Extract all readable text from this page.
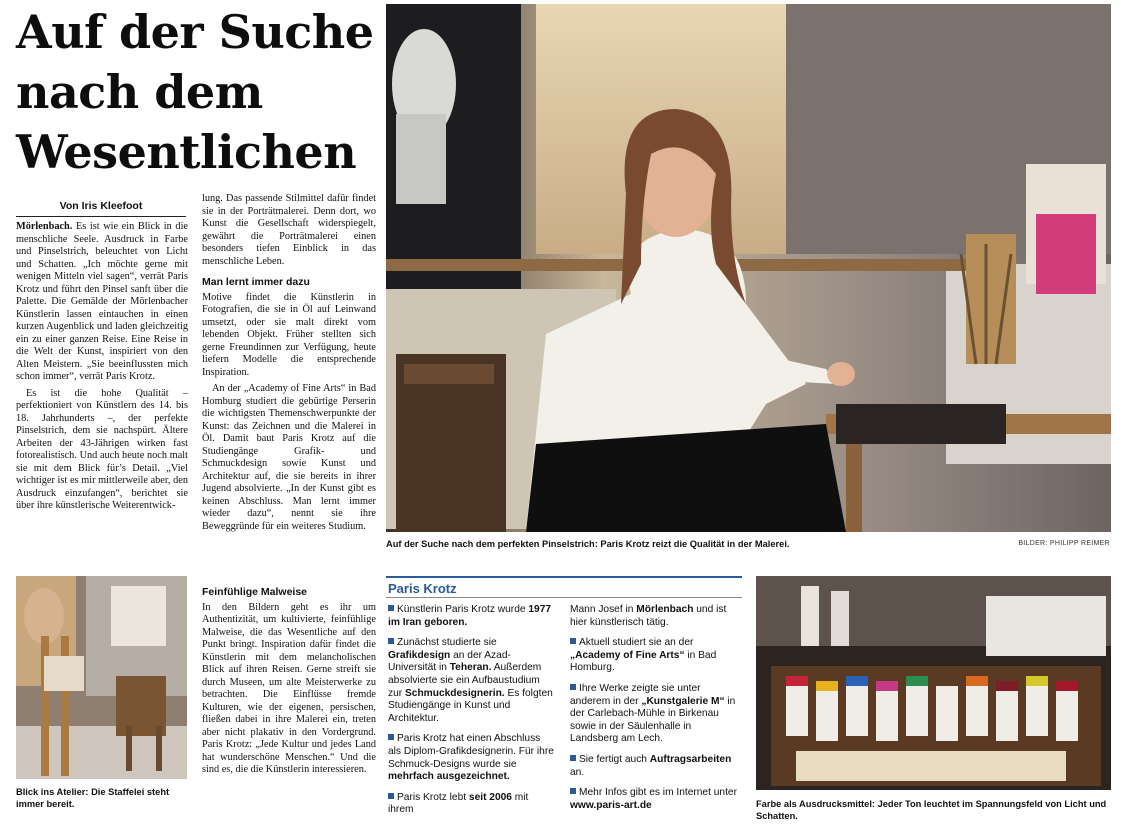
Auf der Suche
nach dem
Wesentlichen
Von Iris Kleefoot

Mörlenbach. Es ist wie ein Blick in die menschliche Seele. Ausdruck in Farbe und Pinselstrich, beleuchtet von Licht und Schatten. „Ich möchte gerne mit wenigen Mitteln viel sagen“, verrät Paris Krotz und führt den Pinsel sanft über die Palette. Die Gemälde der Mörlenbacher Künstlerin lassen eintauchen in einen kurzen Augenblick und laden gleichzeitig ein zu einer ganzen Reise. Eine Reise in die Welt der Kunst, inspiriert von den Alten Meistern. „Sie beeinflussten mich schon immer“, verrät Paris Krotz.

Es ist die hohe Qualität – perfektioniert von Künstlern des 14. bis 18. Jahrhunderts –, der perfekte Pinselstrich, dem sie nachspürt. Ältere Arbeiten der 43-Jährigen wirken fast fotorealistisch. Und auch heute noch malt sie mit dem Blick für’s Detail. „Viel wichtiger ist es mir mittlerweile aber, den Ausdruck einzufangen“, berichtet sie über ihre künstlerische Weiterentwick-

lung. Das passende Stilmittel dafür findet sie in der Porträtmalerei. Denn dort, wo Kunst die Gesellschaft widerspiegelt, gewährt die Porträtmalerei einen besonders tiefen Einblick in das menschliche Leben.

Man lernt immer dazu

Motive findet die Künstlerin in Fotografien, die sie in Öl auf Leinwand umsetzt, oder sie malt direkt vom lebenden Objekt. Früher stellten sich gerne Freundinnen zur Verfügung, heute liefern Modelle die entsprechende Inspiration.

An der „Academy of Fine Arts“ in Bad Homburg studiert die gebürtige Perserin die wichtigsten Themenschwerpunkte der Kunst: das Zeichnen und die Malerei in Öl. Damit baut Paris Krotz auf die Studiengänge Grafik- und Schmuckdesign sowie Kunst und Architektur auf, die sie bereits in ihrer Jugend absolvierte. „In der Kunst gibt es keinen Abschluss. Man lernt immer wieder dazu“, nennt sie ihre Beweggründe für ein weiteres Studium.

Feinfühlige Malweise

In den Bildern geht es ihr um Authentizität, um kultivierte, feinfühlige Malweise, die das Wesentliche auf den Punkt bringt. Inspiration dafür findet die Künstlerin mit dem melancholischen Blick auf ihren Reisen. Gerne streift sie durch Museen, um alte Meisterwerke zu betrachten. Die Einflüsse fremde Kulturen, wie der eigenen, persischen, fließen dabei in ihre Malerei ein, treten aber nicht plakativ in den Vordergrund. Paris Krotz: „Jede Kultur und jedes Land hat wunderschöne Menschen.“ Und die sind es, die die Künstlerin interessieren.

Auf der Suche nach dem perfekten Pinselstrich: Paris Krotz reizt die Qualität in der Malerei.	BILDER: PHILIPP REIMER
Blick ins Atelier: Die Staffelei steht immer bereit.	Farbe als Ausdrucksmittel: Jeder Ton leuchtet im Spannungsfeld von Licht und Schatten.
Paris Krotz

Künstlerin Paris Krotz wurde 1977 im Iran geboren.

Zunächst studierte sie Grafikdesign an der Azad-Universität in Teheran. Außerdem absolvierte sie ein Aufbaustudium zur Schmuckdesignerin. Es folgten Studiengänge in Kunst und Architektur.

Paris Krotz hat einen Abschluss als Diplom-Grafikdesignerin. Für ihre Schmuck-Designs wurde sie mehrfach ausgezeichnet.

Paris Krotz lebt seit 2006 mit ihrem

Mann Josef in Mörlenbach und ist hier künstlerisch tätig.

Aktuell studiert sie an der „Academy of Fine Arts“ in Bad Homburg.

Ihre Werke zeigte sie unter anderem in der „Kunstgalerie M“ in der Carlebach-Mühle in Birkenau sowie in der Säulenhalle in Landsberg am Lech.

Sie fertigt auch Auftragsarbeiten an.

Mehr Infos gibt es im Internet unter www.paris-art.de
